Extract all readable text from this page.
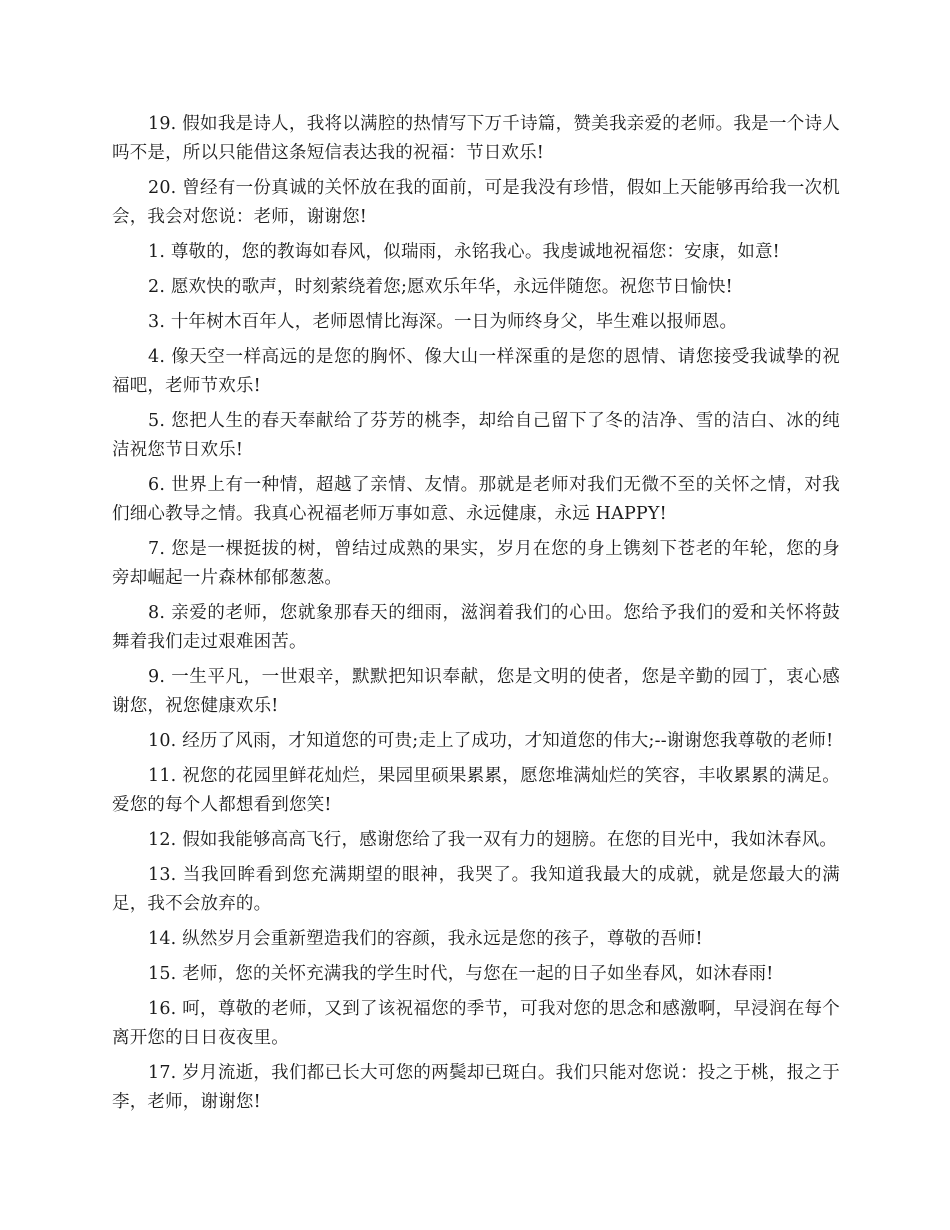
19. 假如我是诗人，我将以满腔的热情写下万千诗篇，赞美我亲爱的老师。我是一个诗人吗不是，所以只能借这条短信表达我的祝福：节日欢乐!

20. 曾经有一份真诚的关怀放在我的面前，可是我没有珍惜，假如上天能够再给我一次机会，我会对您说：老师，谢谢您!

1. 尊敬的，您的教诲如春风，似瑞雨，永铭我心。我虔诚地祝福您：安康，如意!

2. 愿欢快的歌声，时刻萦绕着您;愿欢乐年华，永远伴随您。祝您节日愉快!

3. 十年树木百年人，老师恩情比海深。一日为师终身父，毕生难以报师恩。

4. 像天空一样高远的是您的胸怀、像大山一样深重的是您的恩情、请您接受我诚挚的祝福吧，老师节欢乐!

5. 您把人生的春天奉献给了芬芳的桃李，却给自己留下了冬的洁净、雪的洁白、冰的纯洁祝您节日欢乐!

6. 世界上有一种情，超越了亲情、友情。那就是老师对我们无微不至的关怀之情，对我们细心教导之情。我真心祝福老师万事如意、永远健康，永远 HAPPY!

7. 您是一棵挺拔的树，曾结过成熟的果实，岁月在您的身上镌刻下苍老的年轮，您的身旁却崛起一片森林郁郁葱葱。

8. 亲爱的老师，您就象那春天的细雨，滋润着我们的心田。您给予我们的爱和关怀将鼓舞着我们走过艰难困苦。

9. 一生平凡，一世艰辛，默默把知识奉献，您是文明的使者，您是辛勤的园丁，衷心感谢您，祝您健康欢乐!

10. 经历了风雨，才知道您的可贵;走上了成功，才知道您的伟大;--谢谢您我尊敬的老师!

11. 祝您的花园里鲜花灿烂，果园里硕果累累，愿您堆满灿烂的笑容，丰收累累的满足。爱您的每个人都想看到您笑!

12. 假如我能够高高飞行，感谢您给了我一双有力的翅膀。在您的目光中，我如沐春风。

13. 当我回眸看到您充满期望的眼神，我哭了。我知道我最大的成就，就是您最大的满足，我不会放弃的。

14. 纵然岁月会重新塑造我们的容颜，我永远是您的孩子，尊敬的吾师!

15. 老师，您的关怀充满我的学生时代，与您在一起的日子如坐春风，如沐春雨!

16. 呵，尊敬的老师，又到了该祝福您的季节，可我对您的思念和感激啊，早浸润在每个离开您的日日夜夜里。

17. 岁月流逝，我们都已长大可您的两鬓却已斑白。我们只能对您说：投之于桃，报之于李，老师，谢谢您!
